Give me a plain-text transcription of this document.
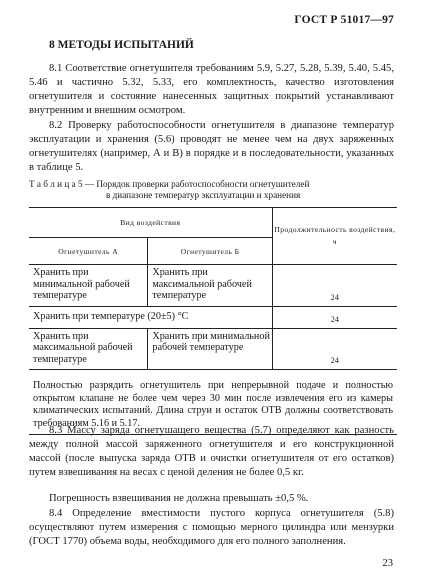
ГОСТ Р 51017—97
8 МЕТОДЫ ИСПЫТАНИЙ

8.1 Соответствие огнетушителя требованиям 5.9, 5.27, 5.28, 5.39, 5.40, 5.45, 5.46 и частично 5.32, 5.33, его комплектность, качество изготовления огнетушителя и состояние нанесенных защитных покрытий устанавливают внутренним и внешним осмотром.

8.2 Проверку работоспособности огнетушителя в диапазоне температур эксплуатации и хранения (5.6) проводят не менее чем на двух заряженных огнетушителях (например, А и В) в порядке и в последовательности, указанных в таблице 5.

Т а б л и ц а 5 — Порядок проверки работоспособности огнетушителей
в диапазоне температур эксплуатации и хранения
Вид воздействия		Продолжительность воздействия, ч
Огнетушитель А	Огнетушитель Б	
Хранить при минимальной рабочей температуре	Хранить при максимальной рабочей температуре	24
Хранить при температуре (20±5) °С		24
Хранить при максимальной рабочей температуре	Хранить при минимальной рабочей температуре	24
Полностью разрядить огнетушитель при непрерывной подаче и полностью открытом клапане не более чем через 30 мин после извлечения его из камеры климатических испытаний. Длина струи и остаток ОТВ должны соответствовать требованиям 5.16 и 5.17.		

8.3 Массу заряда огнетушащего вещества (5.7) определяют как разность между полной массой заряженного огнетушителя и его конструкционной массой (после выпуска заряда ОТВ и очистки огнетушителя от его остатков) путем взвешивания на весах с ценой деления не более 0,5 кг.

Погрешность взвешивания не должна превышать ±0,5 %.

8.4 Определение вместимости пустого корпуса огнетушителя (5.8) осуществляют путем измерения с помощью мерного цилиндра или мензурки (ГОСТ 1770) объема воды, необходимого для его полного заполнения.

23
